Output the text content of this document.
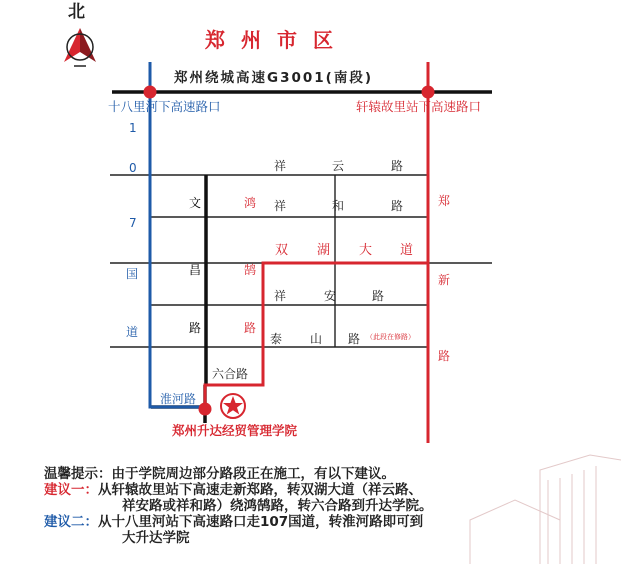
北
郑州市区
郑州绕城高速G3001(南段)
十八里河下高速路口	轩辕故里站下高速路口
1
0
7
国
道
祥	云	路
祥	和	路
双 湖 大 道
祥	安	路
泰 山 路 （此段在修路）
文
昌
路
鸿
鹄
路
郑
新
路
六合路
淮河路
郑州升达经贸管理学院
温馨提示：由于学院周边部分路段正在施工，有以下建议。
建议一：从轩辕故里站下高速走新郑路，转双湖大道（祥云路、
祥安路或祥和路）绕鸿鹄路，转六合路到升达学院。
建议二：从十八里河站下高速路口走107国道，转淮河路即可到
大升达学院
